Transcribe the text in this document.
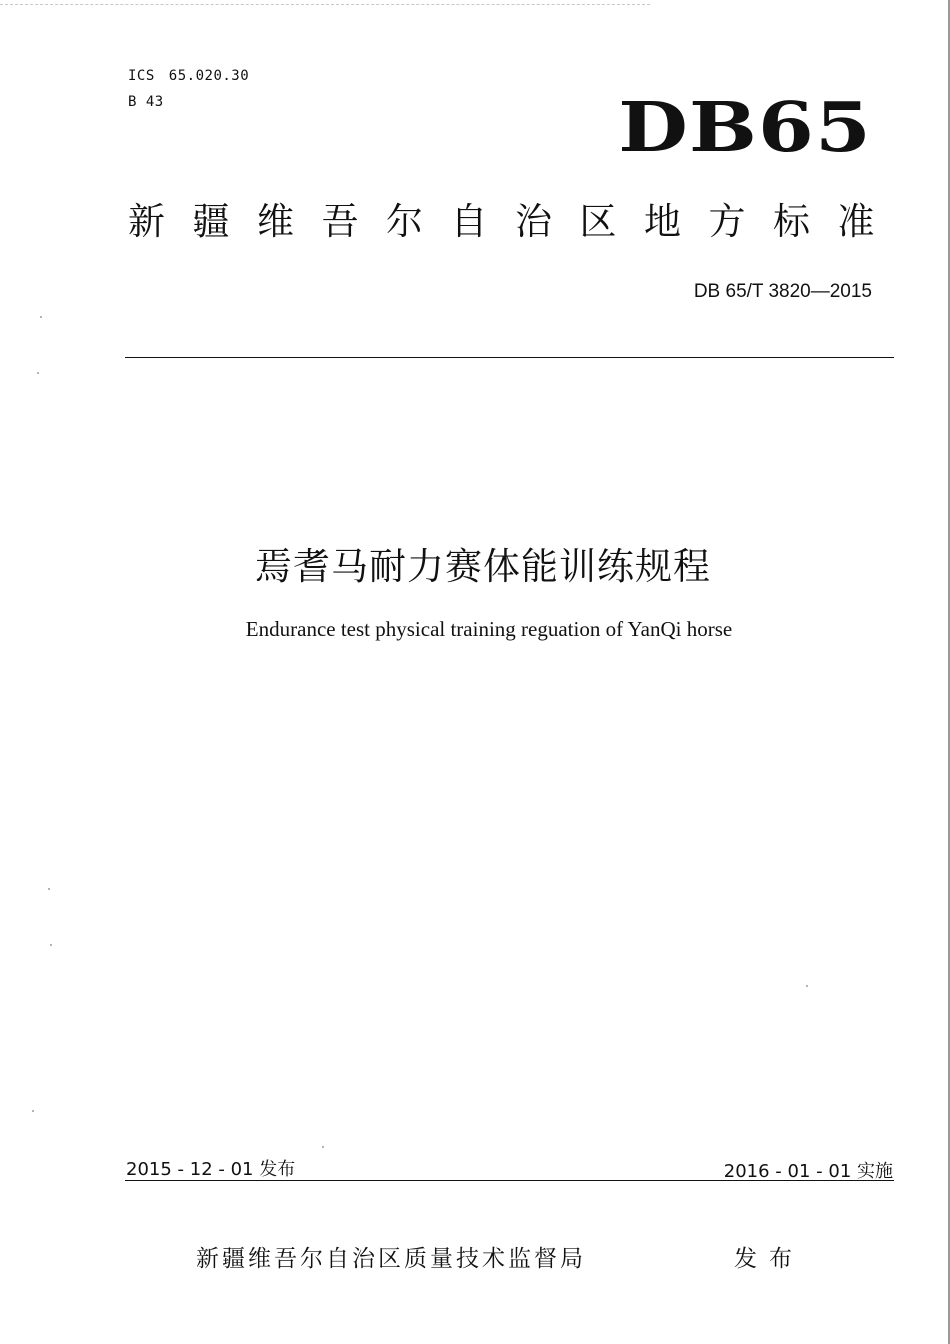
ICS 65.020.30
B 43	DB65
新疆维吾尔自治区地方标准
DB 65/T 3820—2015
焉耆马耐力赛体能训练规程
Endurance test physical training reguation of YanQi horse
2015 - 12 - 01 发布	2016 - 01 - 01 实施
新疆维吾尔自治区质量技术监督局	发布
